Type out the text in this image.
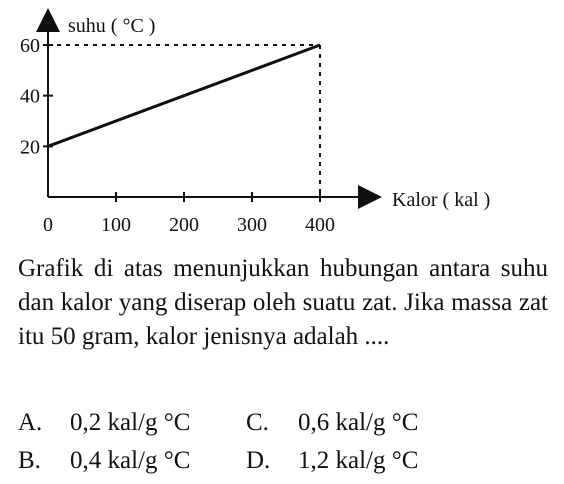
20
40
60
0 100 200 300 400
suhu ( °C )
Kalor ( kal )
Grafik di atas menunjukkan hubungan antara suhu dan kalor yang diserap oleh suatu zat. Jika massa zat itu 50 gram, kalor jenisnya adalah ....
A. 0,2 kal/g °C C. 0,6 kal/g °C
B. 0,4 kal/g °C D. 1,2 kal/g °C
